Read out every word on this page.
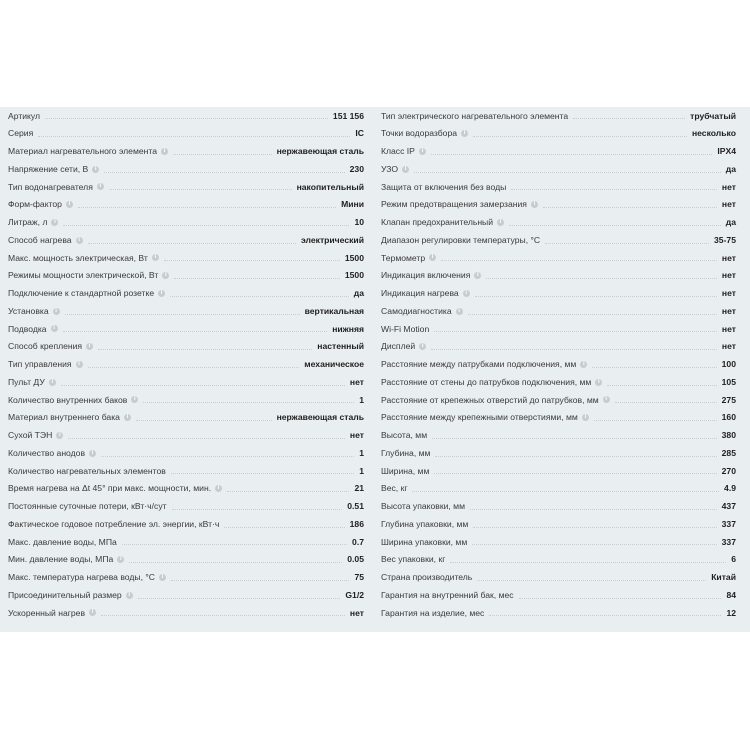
Артикул	151 156
Серия	IC
Материал нагревательного элемента	i	нержавеющая сталь
Напряжение сети, В	i	230
Тип водонагревателя	i	накопительный
Форм-фактор	i	Мини
Литраж, л	i	10
Способ нагрева	i	электрический
Макс. мощность электрическая, Вт	i	1500
Режимы мощности электрической, Вт	i	1500
Подключение к стандартной розетке	i	да
Установка	i	вертикальная
Подводка	i	нижняя
Способ крепления	i	настенный
Тип управления	i	механическое
Пульт ДУ	i	нет
Количество внутренних баков	i	1
Материал внутреннего бака	i	нержавеющая сталь
Сухой ТЭН	i	нет
Количество анодов	i	1
Количество нагревательных элементов	1
Время нагрева на Δt 45° при макс. мощности, мин.	i	21
Постоянные суточные потери, кВт·ч/сут	0.51
Фактическое годовое потребление эл. энергии, кВт·ч	186
Макс. давление воды, МПа	0.7
Мин. давление воды, МПа	i	0.05
Макс. температура нагрева воды, °С	i	75
Присоединительный размер	i	G1/2
Ускоренный нагрев	i	нет
Тип электрического нагревательного элемента	трубчатый
Точки водоразбора	i	несколько
Класс IP	i	IPX4
УЗО	i	да
Защита от включения без воды	нет
Режим предотвращения замерзания	i	нет
Клапан предохранительный	i	да
Диапазон регулировки температуры, °С	35-75
Термометр	i	нет
Индикация включения	i	нет
Индикация нагрева	i	нет
Самодиагностика	i	нет
Wi-Fi Motion	нет
Дисплей	i	нет
Расстояние между патрубками подключения, мм	i	100
Расстояние от стены до патрубков подключения, мм	i	105
Расстояние от крепежных отверстий до патрубков, мм	i	275
Расстояние между крепежными отверстиями, мм	i	160
Высота, мм	380
Глубина, мм	285
Ширина, мм	270
Вес, кг	4.9
Высота упаковки, мм	437
Глубина упаковки, мм	337
Ширина упаковки, мм	337
Вес упаковки, кг	6
Страна производитель	Китай
Гарантия на внутренний бак, мес	84
Гарантия на изделие, мес	12
